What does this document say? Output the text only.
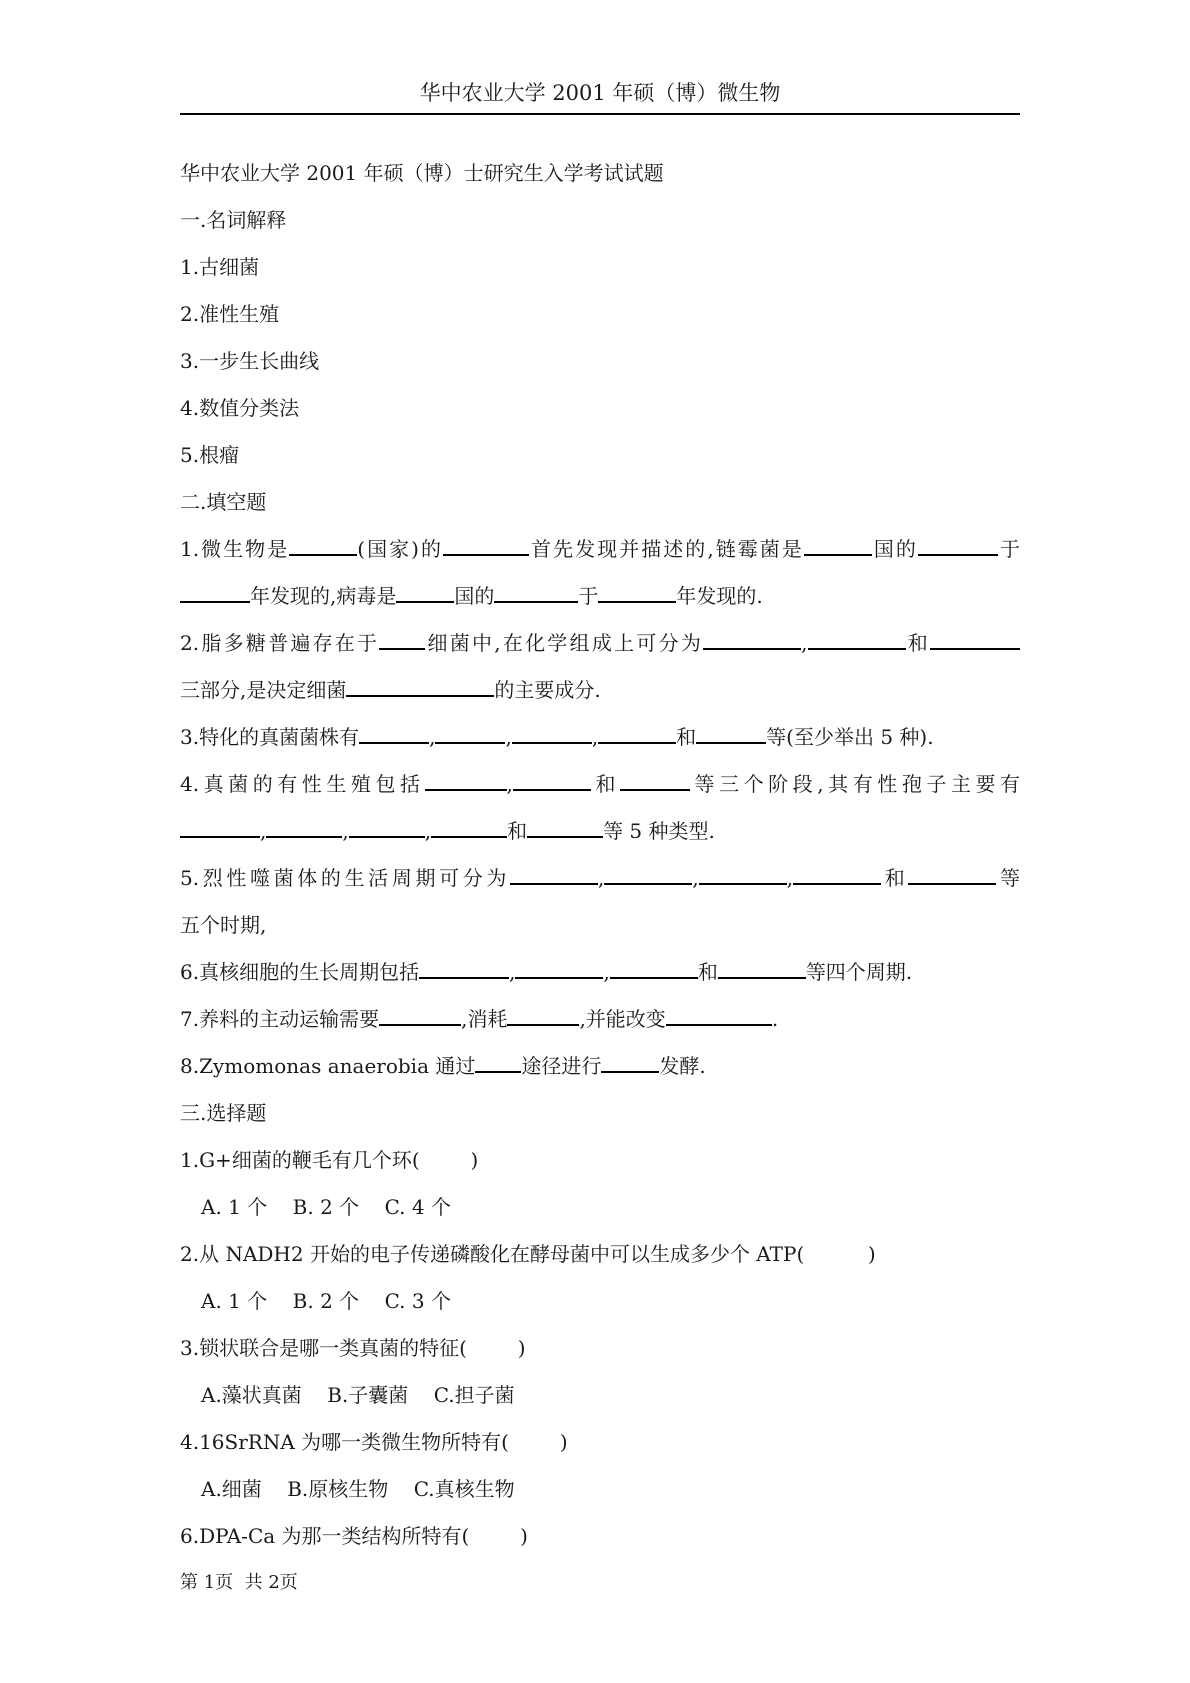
华中农业大学 2001 年硕（博）微生物
华中农业大学 2001 年硕（博）士研究生入学考试试题
一.名词解释
1.古细菌
2.准性生殖
3.一步生长曲线
4.数值分类法
5.根瘤
二.填空题
1.微生物是	(国家)的	首先发现并描述的,链霉菌是	国的	于
年发现的,病毒是	国的	于	年发现的.
2.脂多糖普遍存在于 细菌中,在化学组成上可分为	,	和
三部分,是决定细菌	的主要成分.
3.特化的真菌菌株有	,	,	,	和	等(至少举出 5 种).
4.真菌的有性生殖包括	,	和	等三个阶段,其有性孢子主要有
,	,	,	和	等 5 种类型.
5.烈性噬菌体的生活周期可分为	,	,	,	和	等
五个时期,
6.真核细胞的生长周期包括	,	,	和	等四个周期.
7.养料的主动运输需要	,消耗	,并能改变	.
8.Zymomonas anaerobia 通过 途径进行	发酵.
三.选择题
1.G+细菌的鞭毛有几个环(        )
A. 1 个    B. 2 个    C. 4 个
2.从 NADH2 开始的电子传递磷酸化在酵母菌中可以生成多少个 ATP(          )
A. 1 个    B. 2 个    C. 3 个
3.锁状联合是哪一类真菌的特征(        )
A.藻状真菌    B.子囊菌    C.担子菌
4.16SrRNA 为哪一类微生物所特有(        )
A.细菌    B.原核生物    C.真核生物
6.DPA-Ca 为那一类结构所特有(        )
第 1页  共 2页
